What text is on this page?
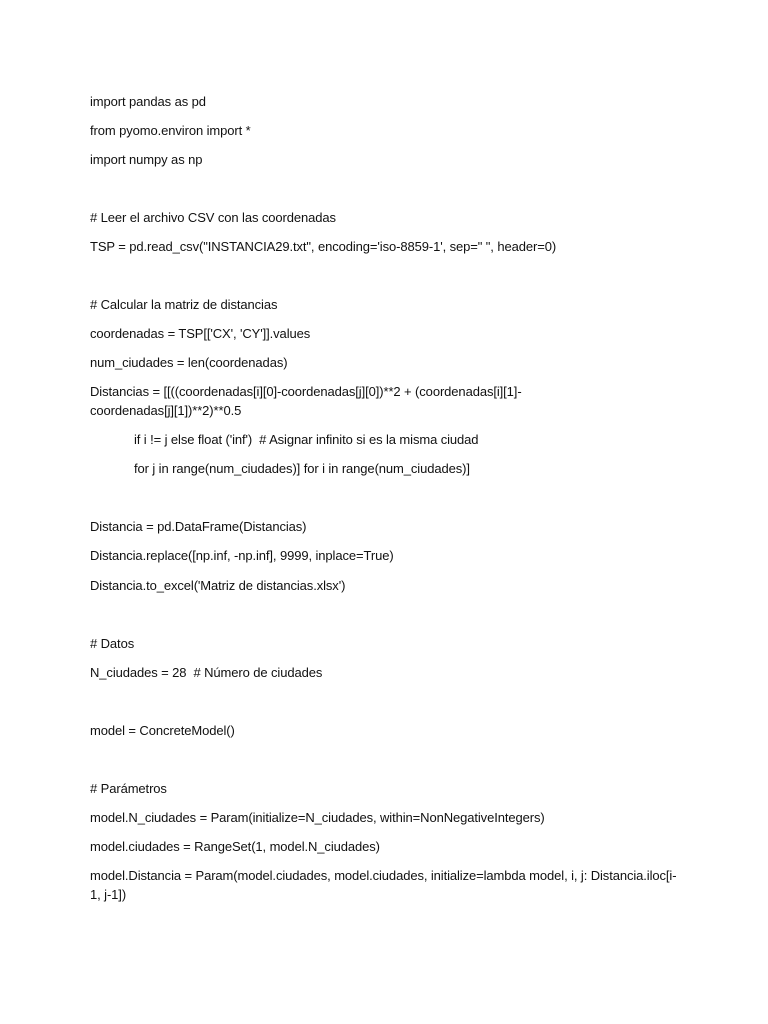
import pandas as pd
from pyomo.environ import *
import numpy as np
# Leer el archivo CSV con las coordenadas
TSP = pd.read_csv("INSTANCIA29.txt", encoding='iso-8859-1', sep=" ", header=0)
# Calcular la matriz de distancias
coordenadas = TSP[['CX', 'CY']].values
num_ciudades = len(coordenadas)
Distancias = [[((coordenadas[i][0]-coordenadas[j][0])**2 + (coordenadas[i][1]-
coordenadas[j][1])**2)**0.5
if i != j else float ('inf')  # Asignar infinito si es la misma ciudad
for j in range(num_ciudades)] for i in range(num_ciudades)]
Distancia = pd.DataFrame(Distancias)
Distancia.replace([np.inf, -np.inf], 9999, inplace=True)
Distancia.to_excel('Matriz de distancias.xlsx')
# Datos
N_ciudades = 28  # Número de ciudades
model = ConcreteModel()
# Parámetros
model.N_ciudades = Param(initialize=N_ciudades, within=NonNegativeIntegers)
model.ciudades = RangeSet(1, model.N_ciudades)
model.Distancia = Param(model.ciudades, model.ciudades, initialize=lambda model, i, j: Distancia.iloc[i-
1, j-1])
